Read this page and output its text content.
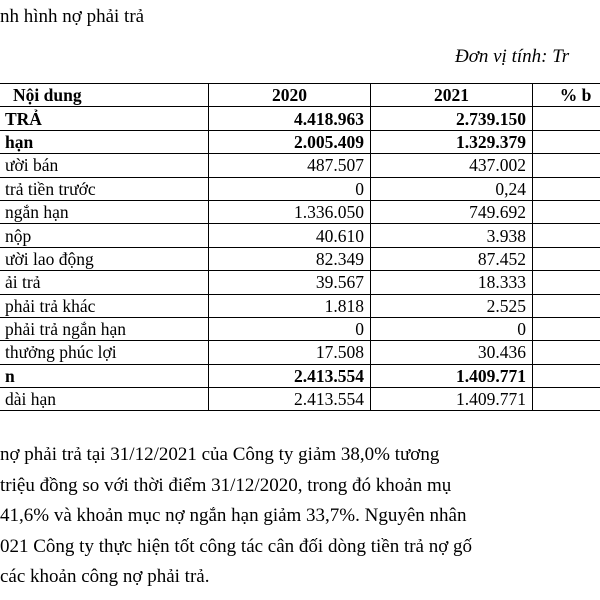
nh hình nợ phải trả
Đơn vị tính: Tr
Nội dung	2020	2021	% b
TRẢ	4.418.963	2.739.150	
hạn	2.005.409	1.329.379	
ười bán	487.507	437.002	
trả tiền trước	0	0,24	
ngắn hạn	1.336.050	749.692	
nộp	40.610	3.938	
ười lao động	82.349	87.452	
ải trả	39.567	18.333	
phải trả khác	1.818	2.525	
phải trả ngắn hạn	0	0	
thưởng phúc lợi	17.508	30.436	
n	2.413.554	1.409.771	
dài hạn	2.413.554	1.409.771	
nợ phải trả tại 31/12/2021 của Công ty giảm 38,0% tương
triệu đồng so với thời điểm 31/12/2020, trong đó khoản mụ
41,6% và khoản mục nợ ngắn hạn giảm 33,7%. Nguyên nhân
021 Công ty thực hiện tốt công tác cân đối dòng tiền trả nợ gố
các khoản công nợ phải trả.
